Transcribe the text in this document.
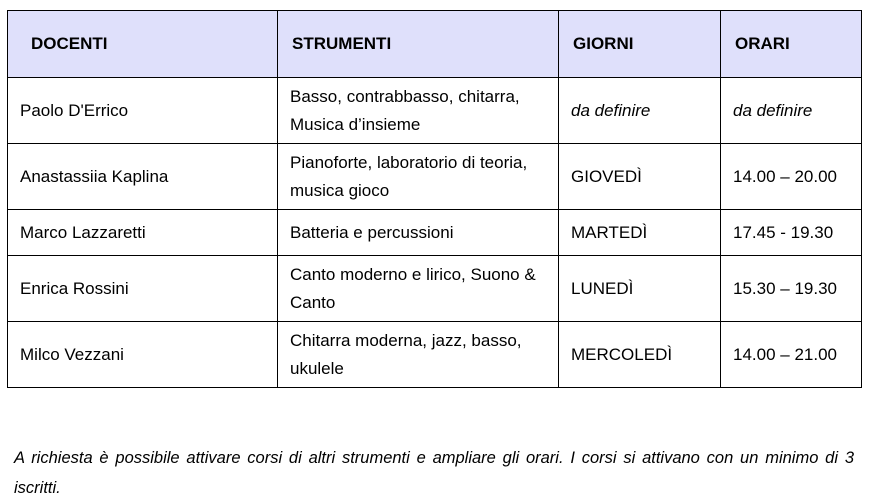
DOCENTI	STRUMENTI	GIORNI	ORARI
Paolo D'Errico	Basso, contrabbasso, chitarra, Musica d’insieme	da definire	da definire
Anastassiia Kaplina	Pianoforte, laboratorio di teoria, musica gioco	GIOVEDÌ	14.00 – 20.00
Marco Lazzaretti	Batteria e percussioni	MARTEDÌ	17.45 - 19.30
Enrica Rossini	Canto moderno e lirico, Suono & Canto	LUNEDÌ	15.30 – 19.30
Milco Vezzani	Chitarra moderna, jazz, basso, ukulele	MERCOLEDÌ	14.00 – 21.00

A richiesta è possibile attivare corsi di altri strumenti e ampliare gli orari. I corsi si attivano con un minimo di 3 iscritti.
